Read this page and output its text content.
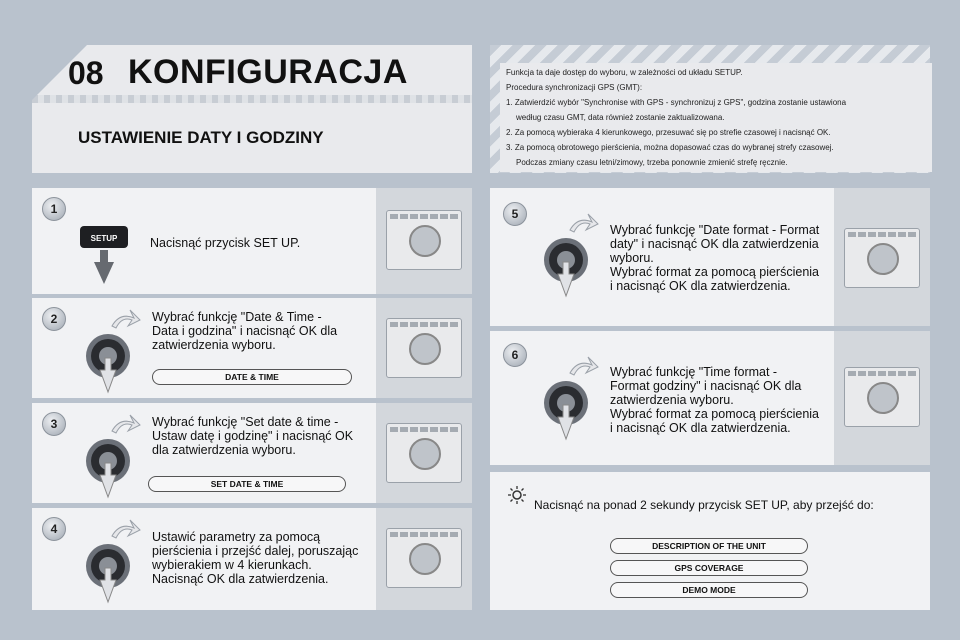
08 KONFIGURACJA
USTAWIENIE DATY I GODZINY
Funkcja ta daje dostęp do wyboru, w zależności od układu SETUP.
Procedura synchronizacji GPS (GMT):
1. Zatwierdzić wybór "Synchronise with GPS - synchronizuj z GPS", godzina zostanie ustawiona
według czasu GMT, data również zostanie zaktualizowana.
2. Za pomocą wybieraka 4 kierunkowego, przesuwać się po strefie czasowej i nacisnąć OK.
3. Za pomocą obrotowego pierścienia, można dopasować czas do wybranej strefy czasowej.
Podczas zmiany czasu letni/zimowy, trzeba ponownie zmienić strefę ręcznie.
1
SETUP	Nacisnąć przycisk SET UP.
2	Wybrać funkcję "Date & Time -
Data i godzina" i nacisnąć OK dla
zatwierdzenia wyboru.
DATE & TIME
3	Wybrać funkcję "Set date & time -
Ustaw datę i godzinę" i nacisnąć OK
dla zatwierdzenia wyboru.
SET DATE & TIME
4
Ustawić parametry za pomocą
pierścienia i przejść dalej, poruszając
wybierakiem w 4 kierunkach.
Nacisnąć OK dla zatwierdzenia.
5
Wybrać funkcję "Date format - Format
daty" i nacisnąć OK dla zatwierdzenia
wyboru.
Wybrać format za pomocą pierścienia
i nacisnąć OK dla zatwierdzenia.
6
Wybrać funkcję "Time format -
Format godziny" i nacisnąć OK dla
zatwierdzenia wyboru.
Wybrać format za pomocą pierścienia
i nacisnąć OK dla zatwierdzenia.
Nacisnąć na ponad 2 sekundy przycisk SET UP, aby przejść do:
DESCRIPTION OF THE UNIT
GPS COVERAGE
DEMO MODE
